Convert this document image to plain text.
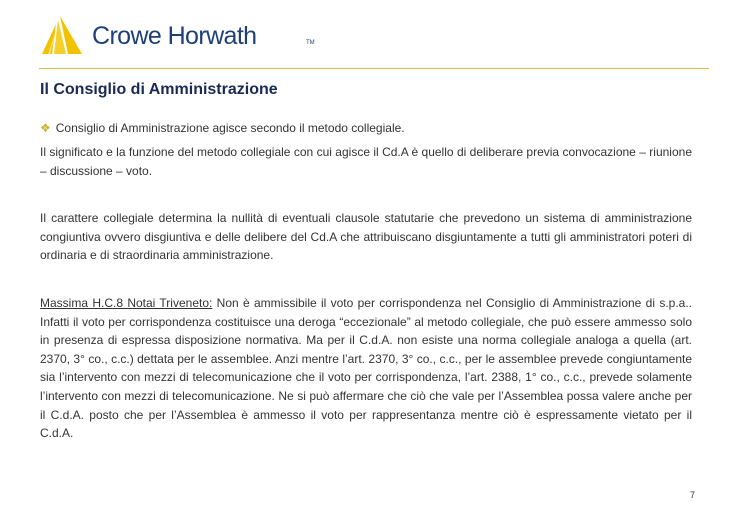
Crowe Horwath	TM
Il Consiglio di Amministrazione

❖ Consiglio di Amministrazione agisce secondo il metodo collegiale.

Il significato e la funzione del metodo collegiale con cui agisce il Cd.A è quello di deliberare previa convocazione – riunione – discussione – voto.

Il carattere collegiale determina la nullità di eventuali clausole statutarie che prevedono un sistema di amministrazione congiuntiva ovvero disgiuntiva e delle delibere del Cd.A che attribuiscano disgiuntamente a tutti gli amministratori poteri di ordinaria e di straordinaria amministrazione.

Massima H.C.8 Notai Triveneto: Non è ammissibile il voto per corrispondenza nel Consiglio di Amministrazione di s.p.a.. Infatti il voto per corrispondenza costituisce una deroga “eccezionale” al metodo collegiale, che può essere ammesso solo in presenza di espressa disposizione normativa. Ma per il C.d.A. non esiste una norma collegiale analoga a quella (art. 2370, 3° co., c.c.) dettata per le assemblee. Anzi mentre l’art. 2370, 3° co., c.c., per le assemblee prevede congiuntamente sia l’intervento con mezzi di telecomunicazione che il voto per corrispondenza, l’art. 2388, 1° co., c.c., prevede solamente l’intervento con mezzi di telecomunicazione. Ne si può affermare che ciò che vale per l’Assemblea possa valere anche per il C.d.A. posto che per l’Assemblea è ammesso il voto per rappresentanza mentre ciò è espressamente vietato per il C.d.A.

7
